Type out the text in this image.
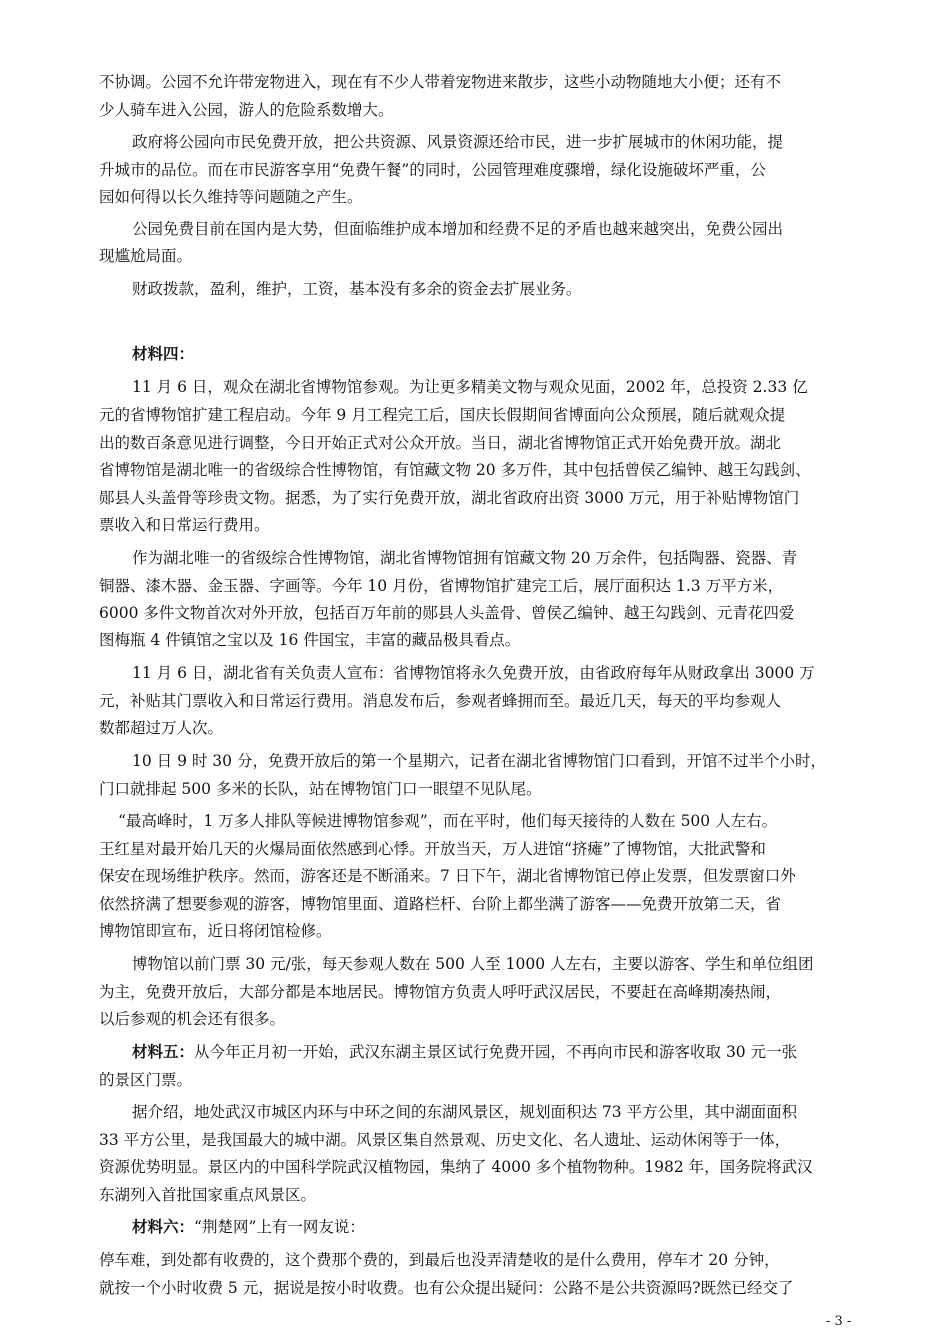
不协调。公园不允许带宠物进入，现在有不少人带着宠物进来散步，这些小动物随地大小便；还有不
少人骑车进入公园，游人的危险系数增大。
政府将公园向市民免费开放，把公共资源、风景资源还给市民，进一步扩展城市的休闲功能，提
升城市的品位。而在市民游客享用“免费午餐”的同时，公园管理难度骤增，绿化设施破坏严重，公
园如何得以长久维持等问题随之产生。
公园免费目前在国内是大势，但面临维护成本增加和经费不足的矛盾也越来越突出，免费公园出
现尴尬局面。
财政拨款，盈利，维护，工资，基本没有多余的资金去扩展业务。
材料四：
11 月 6 日，观众在湖北省博物馆参观。为让更多精美文物与观众见面，2002 年，总投资 2.33 亿
元的省博物馆扩建工程启动。今年 9 月工程完工后，国庆长假期间省博面向公众预展，随后就观众提
出的数百条意见进行调整，今日开始正式对公众开放。当日，湖北省博物馆正式开始免费开放。湖北
省博物馆是湖北唯一的省级综合性博物馆，有馆藏文物 20 多万件，其中包括曾侯乙编钟、越王勾践剑、
郧县人头盖骨等珍贵文物。据悉，为了实行免费开放，湖北省政府出资 3000 万元，用于补贴博物馆门
票收入和日常运行费用。
作为湖北唯一的省级综合性博物馆，湖北省博物馆拥有馆藏文物 20 万余件，包括陶器、瓷器、青
铜器、漆木器、金玉器、字画等。今年 10 月份，省博物馆扩建完工后，展厅面积达 1.3 万平方米，
6000 多件文物首次对外开放，包括百万年前的郧县人头盖骨、曾侯乙编钟、越王勾践剑、元青花四爱
图梅瓶 4 件镇馆之宝以及 16 件国宝，丰富的藏品极具看点。
11 月 6 日，湖北省有关负责人宣布：省博物馆将永久免费开放，由省政府每年从财政拿出 3000 万
元，补贴其门票收入和日常运行费用。消息发布后，参观者蜂拥而至。最近几天，每天的平均参观人
数都超过万人次。
10 日 9 时 30 分，免费开放后的第一个星期六，记者在湖北省博物馆门口看到，开馆不过半个小时，
门口就排起 500 多米的长队，站在博物馆门口一眼望不见队尾。
“最高峰时，1 万多人排队等候进博物馆参观”，而在平时，他们每天接待的人数在 500 人左右。
王红星对最开始几天的火爆局面依然感到心悸。开放当天，万人进馆“挤瘫”了博物馆，大批武警和
保安在现场维护秩序。然而，游客还是不断涌来。7 日下午，湖北省博物馆已停止发票，但发票窗口外
依然挤满了想要参观的游客，博物馆里面、道路栏杆、台阶上都坐满了游客——免费开放第二天，省
博物馆即宣布，近日将闭馆检修。
博物馆以前门票 30 元/张，每天参观人数在 500 人至 1000 人左右，主要以游客、学生和单位组团
为主，免费开放后，大部分都是本地居民。博物馆方负责人呼吁武汉居民，不要赶在高峰期凑热闹，
以后参观的机会还有很多。
材料五：从今年正月初一开始，武汉东湖主景区试行免费开园，不再向市民和游客收取 30 元一张
的景区门票。
据介绍，地处武汉市城区内环与中环之间的东湖风景区，规划面积达 73 平方公里，其中湖面面积
33 平方公里，是我国最大的城中湖。风景区集自然景观、历史文化、名人遗址、运动休闲等于一体，
资源优势明显。景区内的中国科学院武汉植物园，集纳了 4000 多个植物物种。1982 年，国务院将武汉
东湖列入首批国家重点风景区。
材料六：“荆楚网”上有一网友说：
停车难，到处都有收费的，这个费那个费的，到最后也没弄清楚收的是什么费用，停车才 20 分钟，
就按一个小时收费 5 元，据说是按小时收费。也有公众提出疑问：公路不是公共资源吗?既然已经交了
- 3 -
